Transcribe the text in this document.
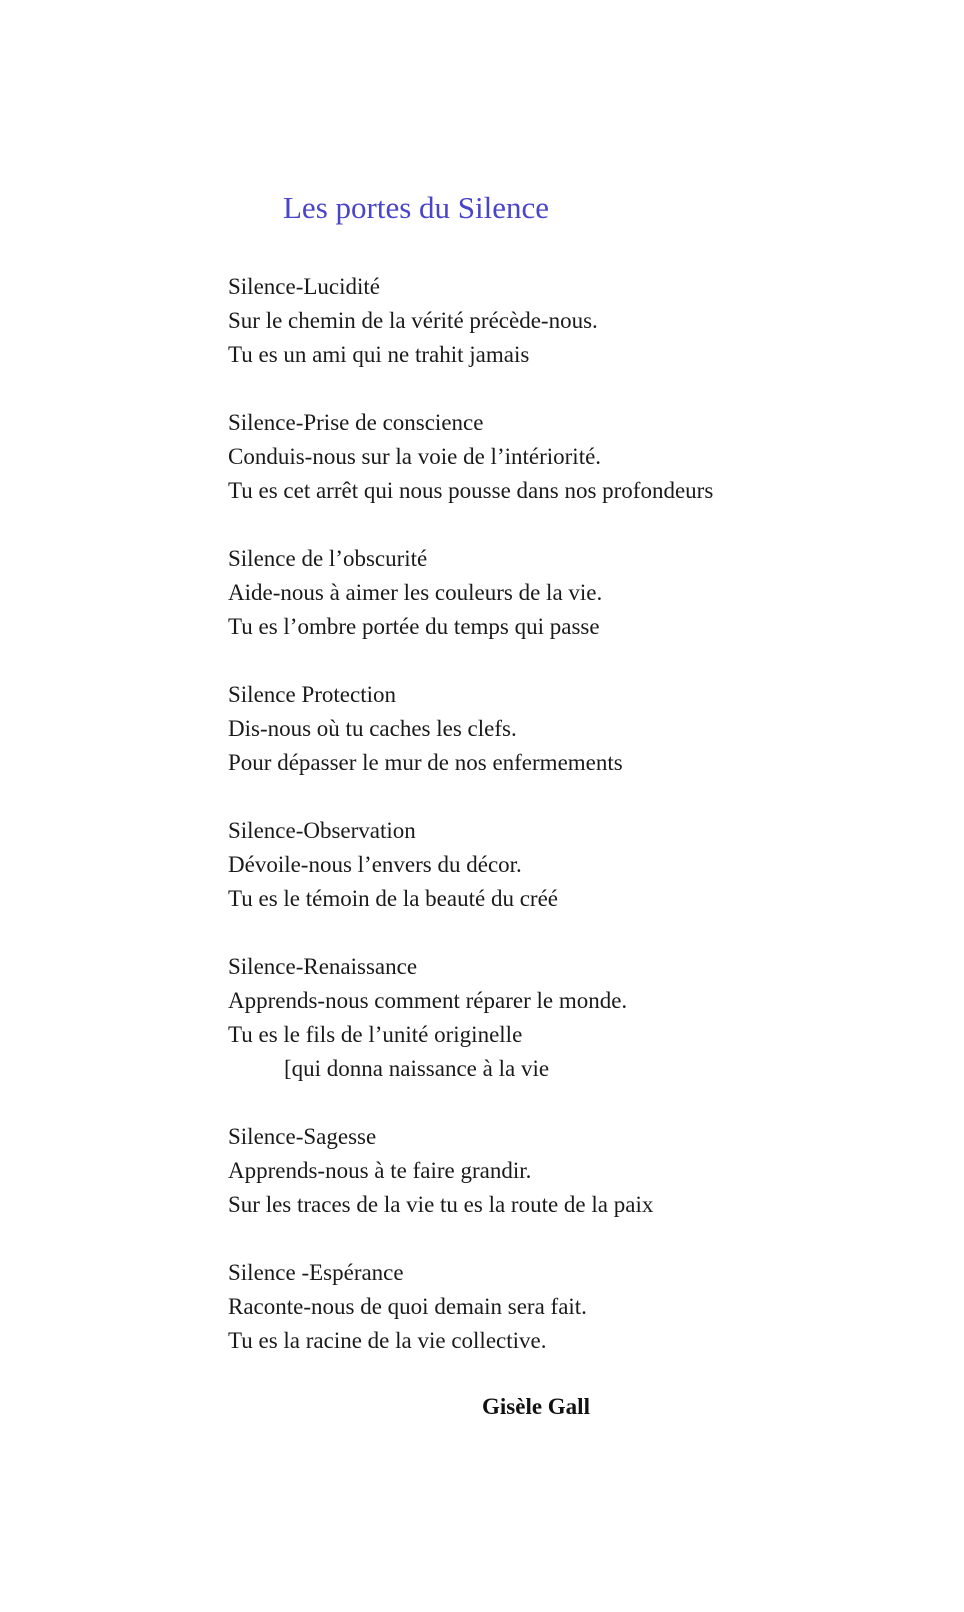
Les portes du Silence
Silence-Lucidité
Sur le chemin de la vérité précède-nous.
Tu es un ami qui ne trahit jamais
Silence-Prise de conscience
Conduis-nous sur la voie de l’intériorité.
Tu es cet arrêt qui nous pousse dans nos profondeurs
Silence de l’obscurité
Aide-nous à aimer les couleurs de la vie.
Tu es l’ombre portée du temps qui passe
Silence Protection
Dis-nous où tu caches les clefs.
Pour dépasser le mur de nos enfermements
Silence-Observation
Dévoile-nous l’envers du décor.
Tu es le témoin de la beauté du créé
Silence-Renaissance
Apprends-nous comment réparer le monde.
Tu es le fils de l’unité originelle
[qui donna naissance à la vie
Silence-Sagesse
Apprends-nous à te faire grandir.
Sur les traces de la vie tu es la route de la paix
Silence -Espérance
Raconte-nous de quoi demain sera fait.
Tu es la racine de la vie collective.
Gisèle Gall
